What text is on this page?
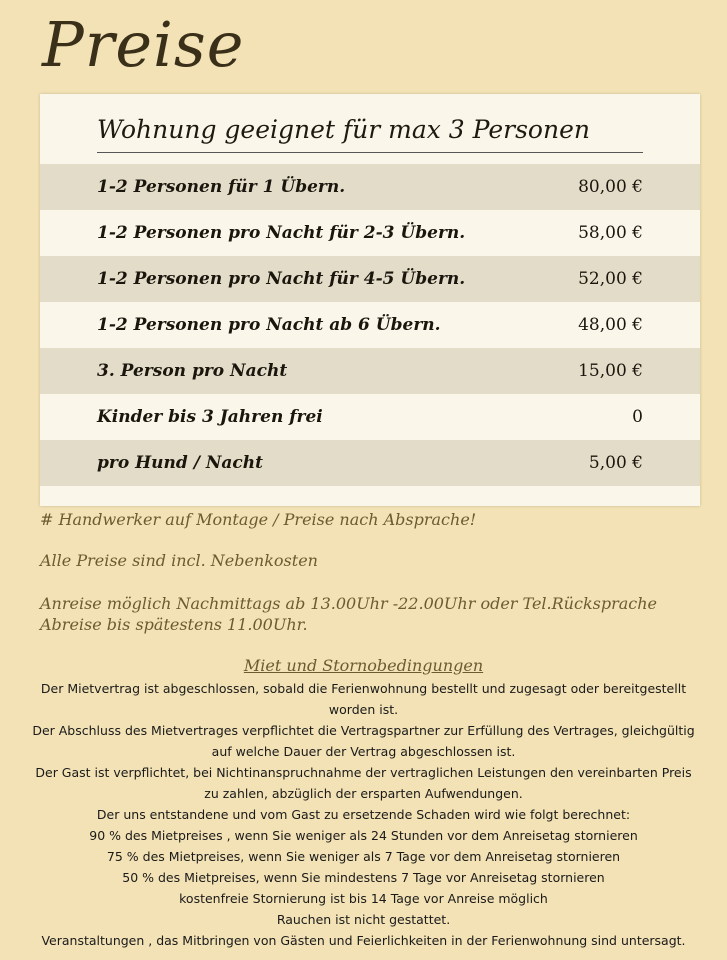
Preise
Wohnung geeignet für max 3 Personen
1-2 Personen für 1 Übern.	80,00 €
1-2 Personen pro Nacht für 2-3 Übern.	58,00 €
1-2 Personen pro Nacht für 4-5 Übern.	52,00 €
1-2 Personen pro Nacht ab 6 Übern.	48,00 €
3. Person pro Nacht	15,00 €
Kinder bis 3 Jahren frei	0
pro Hund / Nacht	5,00 €
# Handwerker auf Montage / Preise nach Absprache!
Alle Preise sind incl. Nebenkosten
Anreise möglich Nachmittags ab 13.00Uhr -22.00Uhr oder Tel.Rücksprache
Abreise bis spätestens 11.00Uhr.
Miet und Stornobedingungen

Der Mietvertrag ist abgeschlossen, sobald die Ferienwohnung bestellt und zugesagt oder bereitgestellt worden ist.

Der Abschluss des Mietvertrages verpflichtet die Vertragspartner zur Erfüllung des Vertrages, gleichgültig auf welche Dauer der Vertrag abgeschlossen ist.

Der Gast ist verpflichtet, bei Nichtinanspruchnahme der vertraglichen Leistungen den vereinbarten Preis zu zahlen, abzüglich der ersparten Aufwendungen.

Der uns entstandene und vom Gast zu ersetzende Schaden wird wie folgt berechnet:

90 % des Mietpreises , wenn Sie weniger als 24 Stunden vor dem Anreisetag stornieren

75 % des Mietpreises, wenn Sie weniger als 7 Tage vor dem Anreisetag stornieren

50 % des Mietpreises, wenn Sie mindestens 7 Tage vor Anreisetag stornieren

kostenfreie Stornierung ist bis 14 Tage vor Anreise möglich

Rauchen ist nicht gestattet.

Veranstaltungen , das Mitbringen von Gästen und Feierlichkeiten in der Ferienwohnung sind untersagt.
